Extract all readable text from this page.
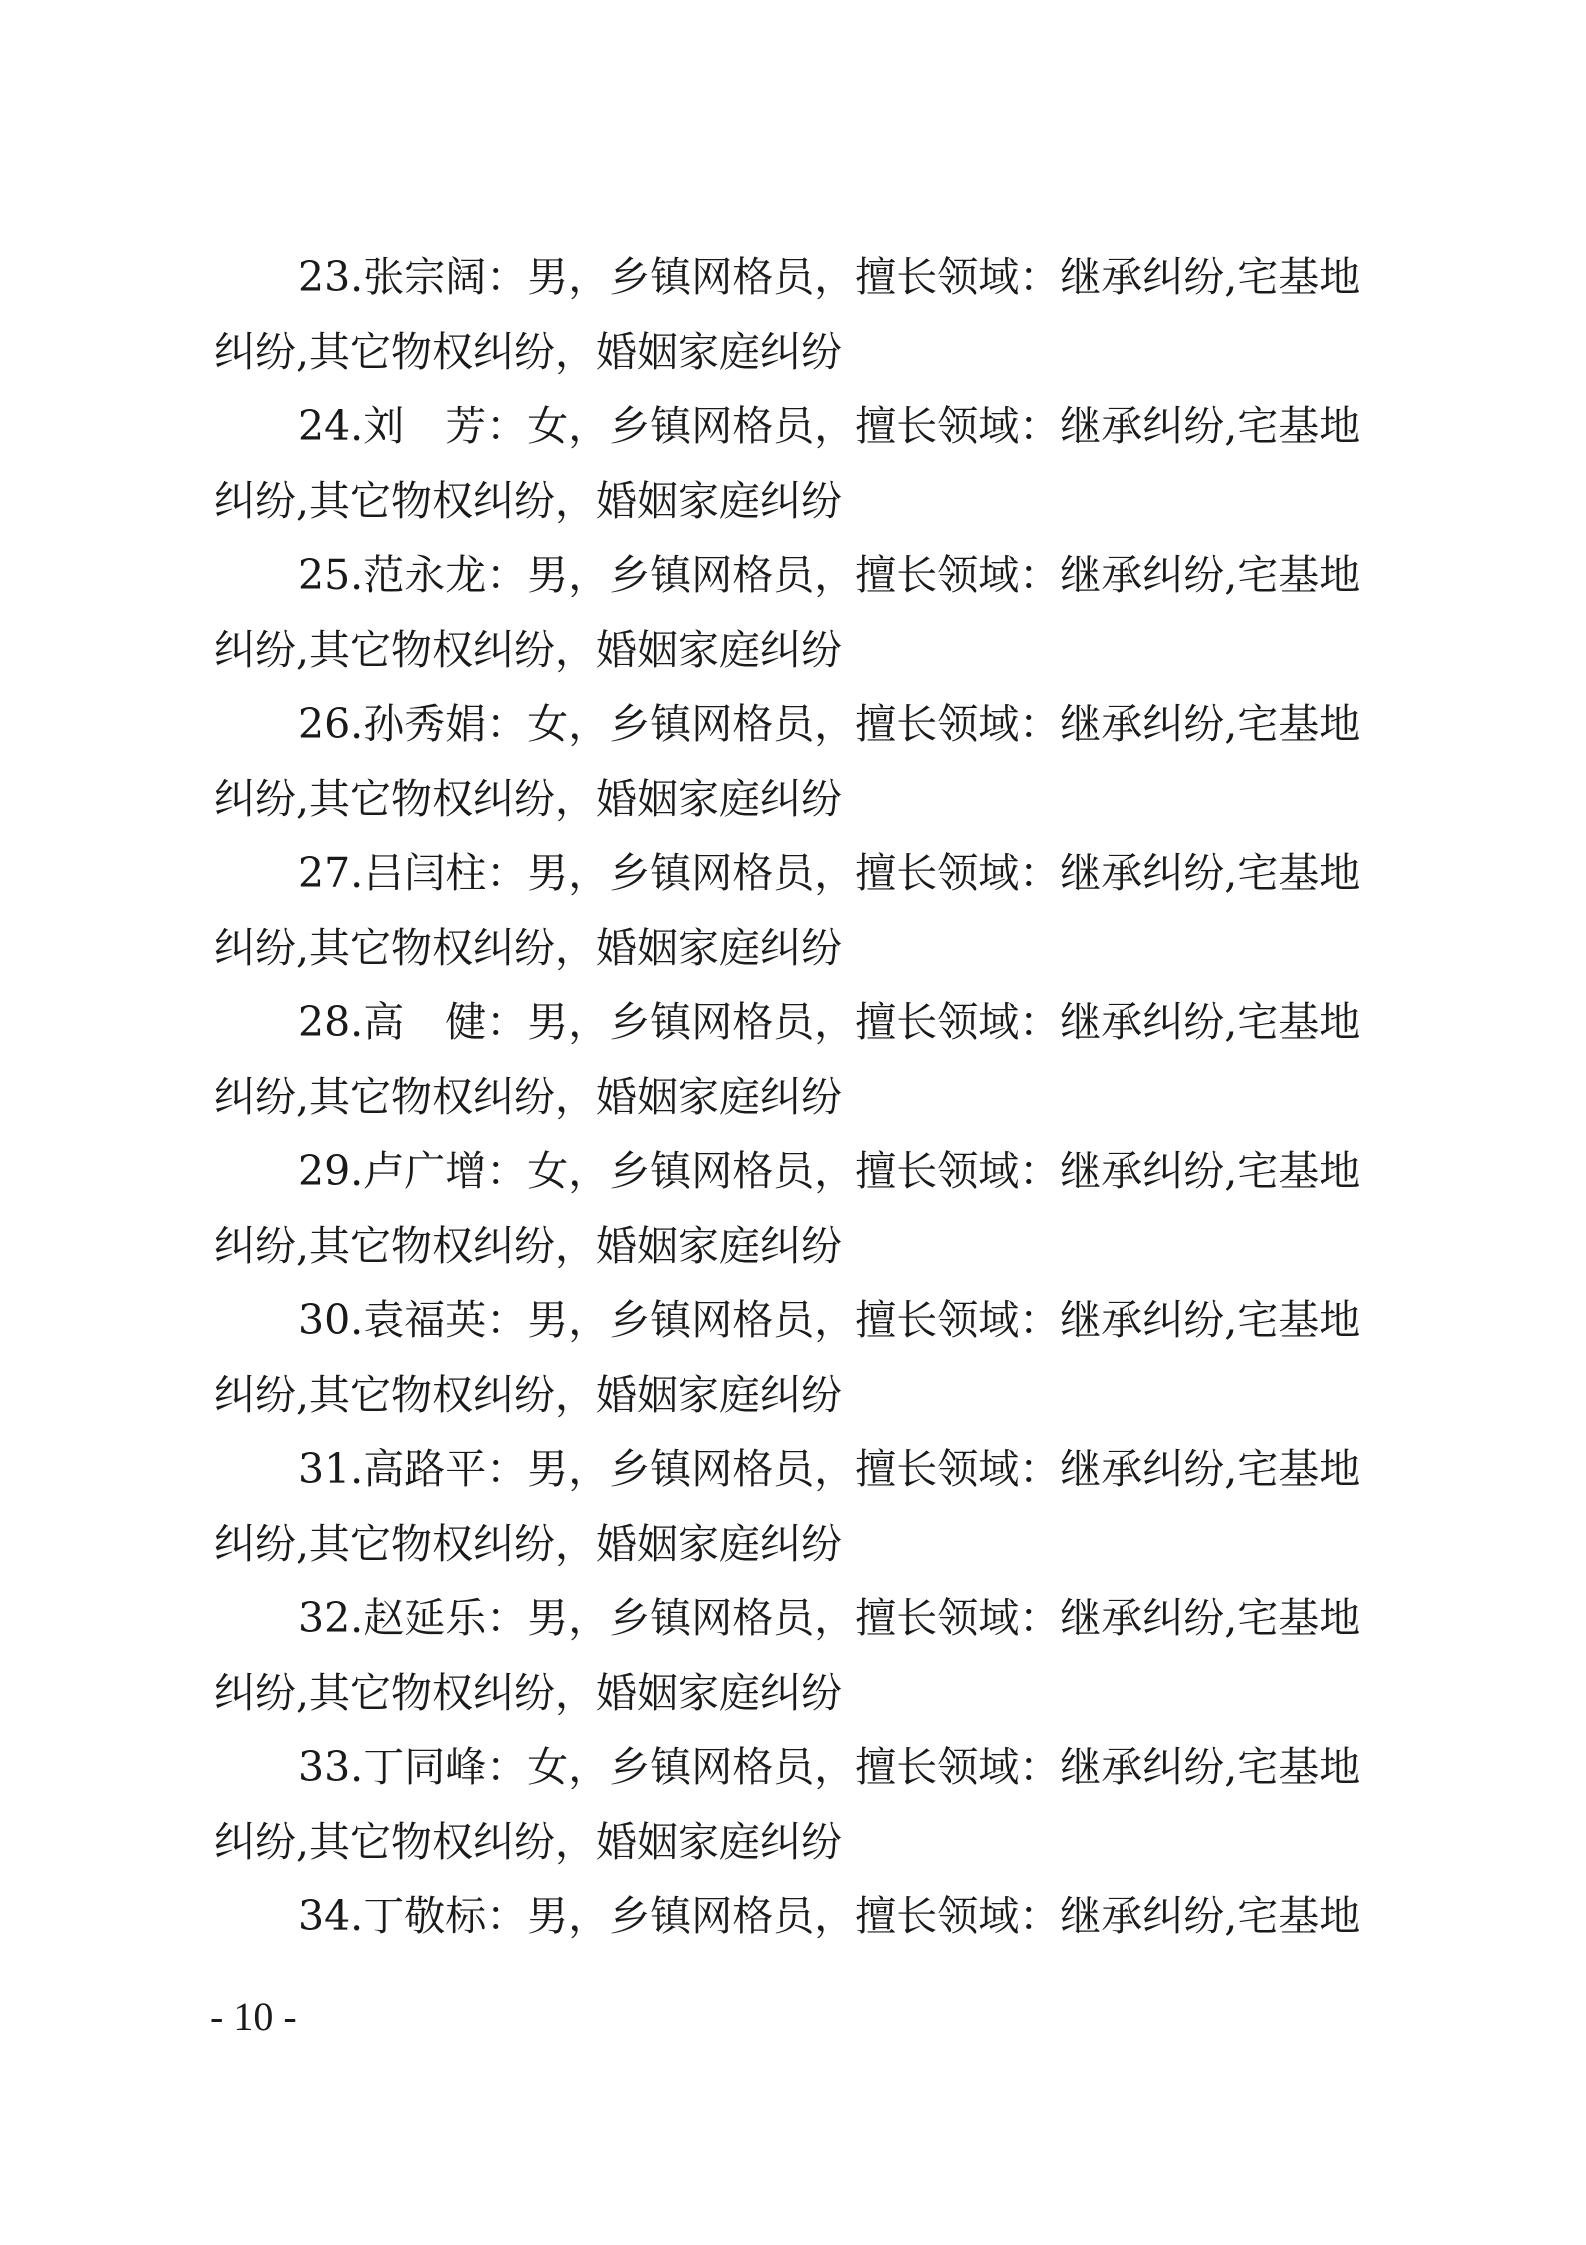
23.张宗阔：男，乡镇网格员，擅长领域：继承纠纷,宅基地
纠纷,其它物权纠纷，婚姻家庭纠纷
24.刘　芳：女，乡镇网格员，擅长领域：继承纠纷,宅基地
纠纷,其它物权纠纷，婚姻家庭纠纷
25.范永龙：男，乡镇网格员，擅长领域：继承纠纷,宅基地
纠纷,其它物权纠纷，婚姻家庭纠纷
26.孙秀娟：女，乡镇网格员，擅长领域：继承纠纷,宅基地
纠纷,其它物权纠纷，婚姻家庭纠纷
27.吕闫柱：男，乡镇网格员，擅长领域：继承纠纷,宅基地
纠纷,其它物权纠纷，婚姻家庭纠纷
28.高　健：男，乡镇网格员，擅长领域：继承纠纷,宅基地
纠纷,其它物权纠纷，婚姻家庭纠纷
29.卢广增：女，乡镇网格员，擅长领域：继承纠纷,宅基地
纠纷,其它物权纠纷，婚姻家庭纠纷
30.袁福英：男，乡镇网格员，擅长领域：继承纠纷,宅基地
纠纷,其它物权纠纷，婚姻家庭纠纷
31.高路平：男，乡镇网格员，擅长领域：继承纠纷,宅基地
纠纷,其它物权纠纷，婚姻家庭纠纷
32.赵延乐：男，乡镇网格员，擅长领域：继承纠纷,宅基地
纠纷,其它物权纠纷，婚姻家庭纠纷
33.丁同峰：女，乡镇网格员，擅长领域：继承纠纷,宅基地
纠纷,其它物权纠纷，婚姻家庭纠纷
34.丁敬标：男，乡镇网格员，擅长领域：继承纠纷,宅基地
- 10 -
